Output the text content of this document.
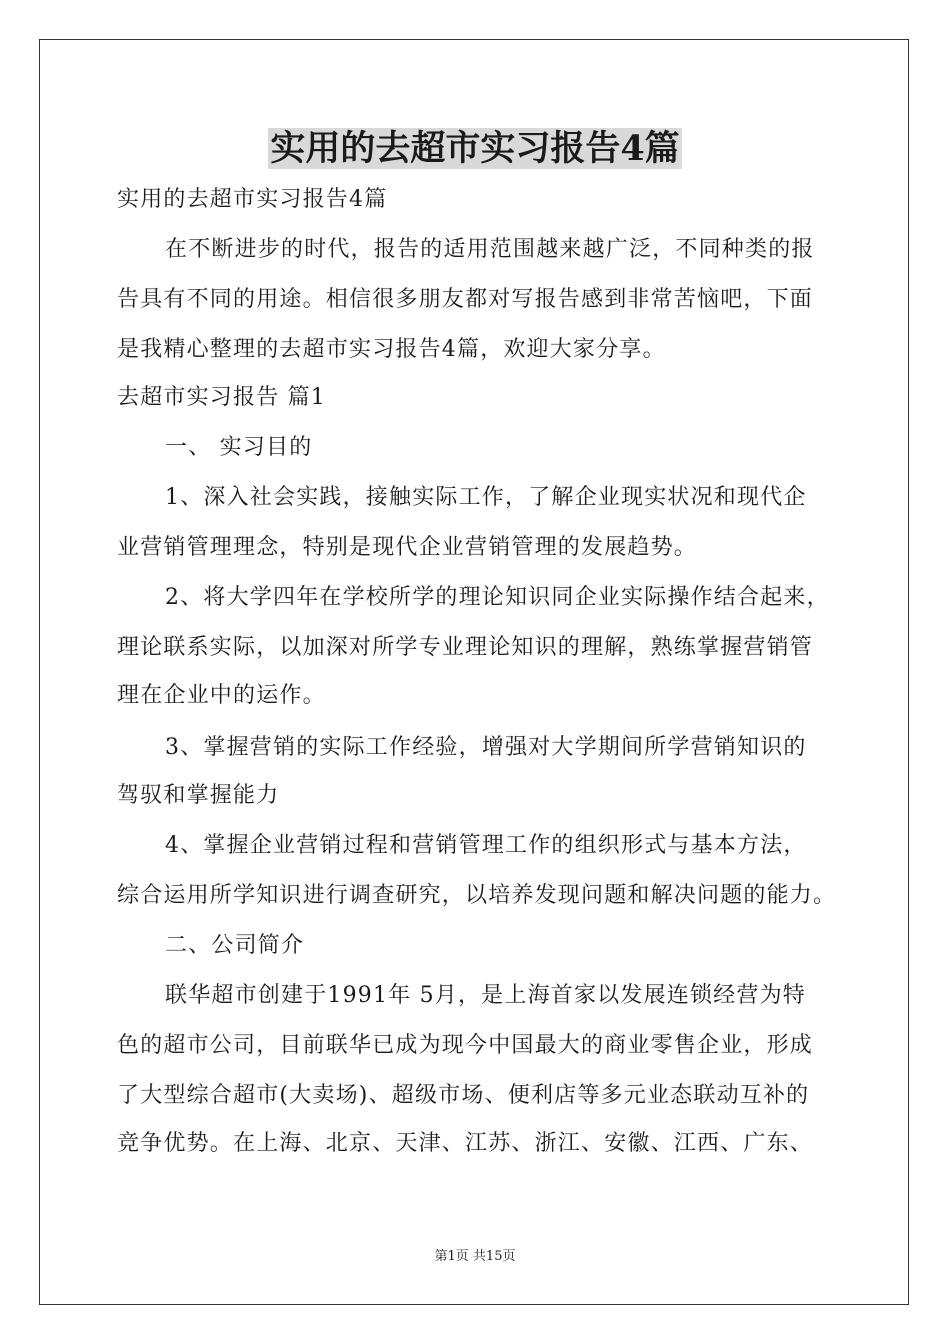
实用的去超市实习报告4篇

实用的去超市实习报告4篇

在不断进步的时代，报告的适用范围越来越广泛，不同种类的报

告具有不同的用途。相信很多朋友都对写报告感到非常苦恼吧，下面

是我精心整理的去超市实习报告4篇，欢迎大家分享。

去超市实习报告 篇1

一、 实习目的

1、深入社会实践，接触实际工作，了解企业现实状况和现代企

业营销管理理念，特别是现代企业营销管理的发展趋势。

2、将大学四年在学校所学的理论知识同企业实际操作结合起来，

理论联系实际，以加深对所学专业理论知识的理解，熟练掌握营销管

理在企业中的运作。

3、掌握营销的实际工作经验，增强对大学期间所学营销知识的

驾驭和掌握能力

4、掌握企业营销过程和营销管理工作的组织形式与基本方法，

综合运用所学知识进行调查研究，以培养发现问题和解决问题的能力。

二、公司简介

联华超市创建于1991年 5月，是上海首家以发展连锁经营为特

色的超市公司，目前联华已成为现今中国最大的商业零售企业，形成

了大型综合超市(大卖场)、超级市场、便利店等多元业态联动互补的

竞争优势。在上海、北京、天津、江苏、浙江、安徽、江西、广东、

第1页 共15页
